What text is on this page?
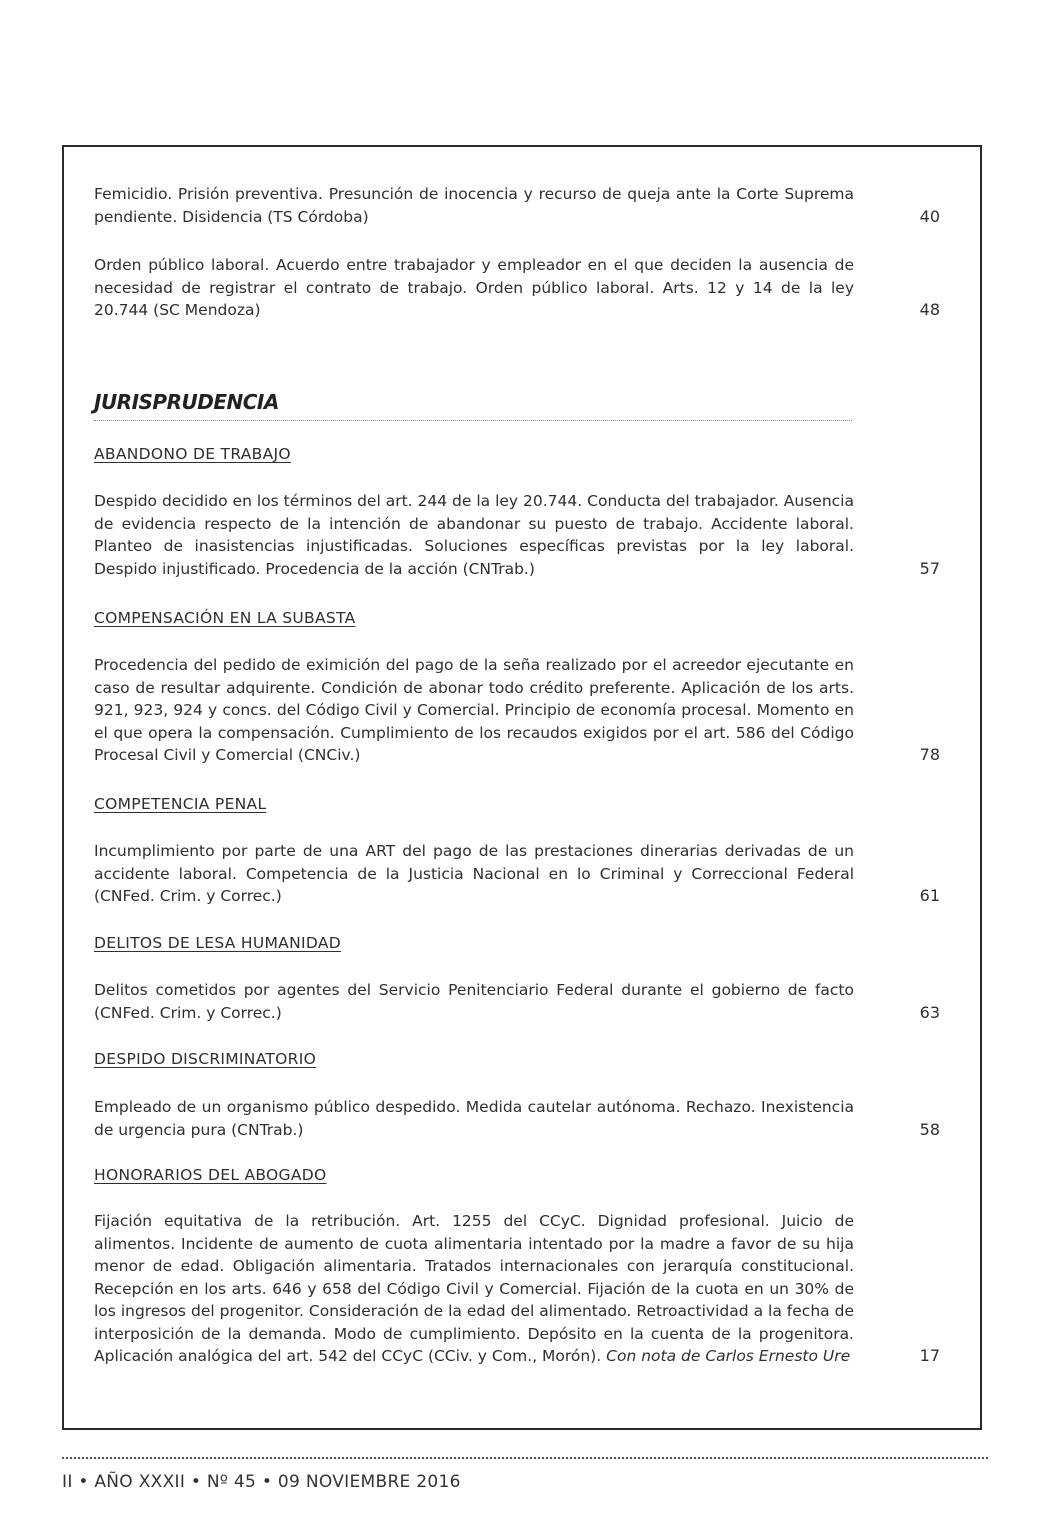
Femicidio. Prisión preventiva. Presunción de inocencia y recurso de queja ante la Corte Suprema pendiente. Disidencia (TS Córdoba)	40

Orden público laboral. Acuerdo entre trabajador y empleador en el que deciden la ausencia de necesidad de registrar el contrato de trabajo. Orden público laboral. Arts. 12 y 14 de la ley 20.744 (SC Mendoza)	48
JURISPRUDENCIA
ABANDONO DE TRABAJO

Despido decidido en los términos del art. 244 de la ley 20.744. Conducta del trabajador. Ausencia de evidencia respecto de la intención de abandonar su puesto de trabajo. Accidente laboral. Planteo de inasistencias injustificadas. Soluciones específicas previstas por la ley laboral. Despido injustificado. Procedencia de la acción (CNTrab.)	57
COMPENSACIÓN EN LA SUBASTA

Procedencia del pedido de eximición del pago de la seña realizado por el acreedor ejecutante en caso de resultar adquirente. Condición de abonar todo crédito preferente. Aplicación de los arts. 921, 923, 924 y concs. del Código Civil y Comercial. Principio de economía procesal. Momento en el que opera la compensación. Cumplimiento de los recaudos exigidos por el art. 586 del Código Procesal Civil y Comercial (CNCiv.)	78
COMPETENCIA PENAL

Incumplimiento por parte de una ART del pago de las prestaciones dinerarias derivadas de un accidente laboral. Competencia de la Justicia Nacional en lo Criminal y Correccional Federal (CNFed. Crim. y Correc.)	61
DELITOS DE LESA HUMANIDAD

Delitos cometidos por agentes del Servicio Penitenciario Federal durante el gobierno de facto (CNFed. Crim. y Correc.)	63
DESPIDO DISCRIMINATORIO

Empleado de un organismo público despedido. Medida cautelar autónoma. Rechazo. Inexistencia de urgencia pura (CNTrab.)	58
HONORARIOS DEL ABOGADO

Fijación equitativa de la retribución. Art. 1255 del CCyC. Dignidad profesional. Juicio de alimentos. Incidente de aumento de cuota alimentaria intentado por la madre a favor de su hija menor de edad. Obligación alimentaria. Tratados internacionales con jerarquía constitucional. Recepción en los arts. 646 y 658 del Código Civil y Comercial. Fijación de la cuota en un 30% de los ingresos del progenitor. Consideración de la edad del alimentado. Retroactividad a la fecha de interposición de la demanda. Modo de cumplimiento. Depósito en la cuenta de la progenitora. Aplicación analógica del art. 542 del CCyC (CCiv. y Com., Morón). Con nota de Carlos Ernesto Ure	17
II • AÑO XXXII • Nº 45 • 09 NOVIEMBRE 2016
